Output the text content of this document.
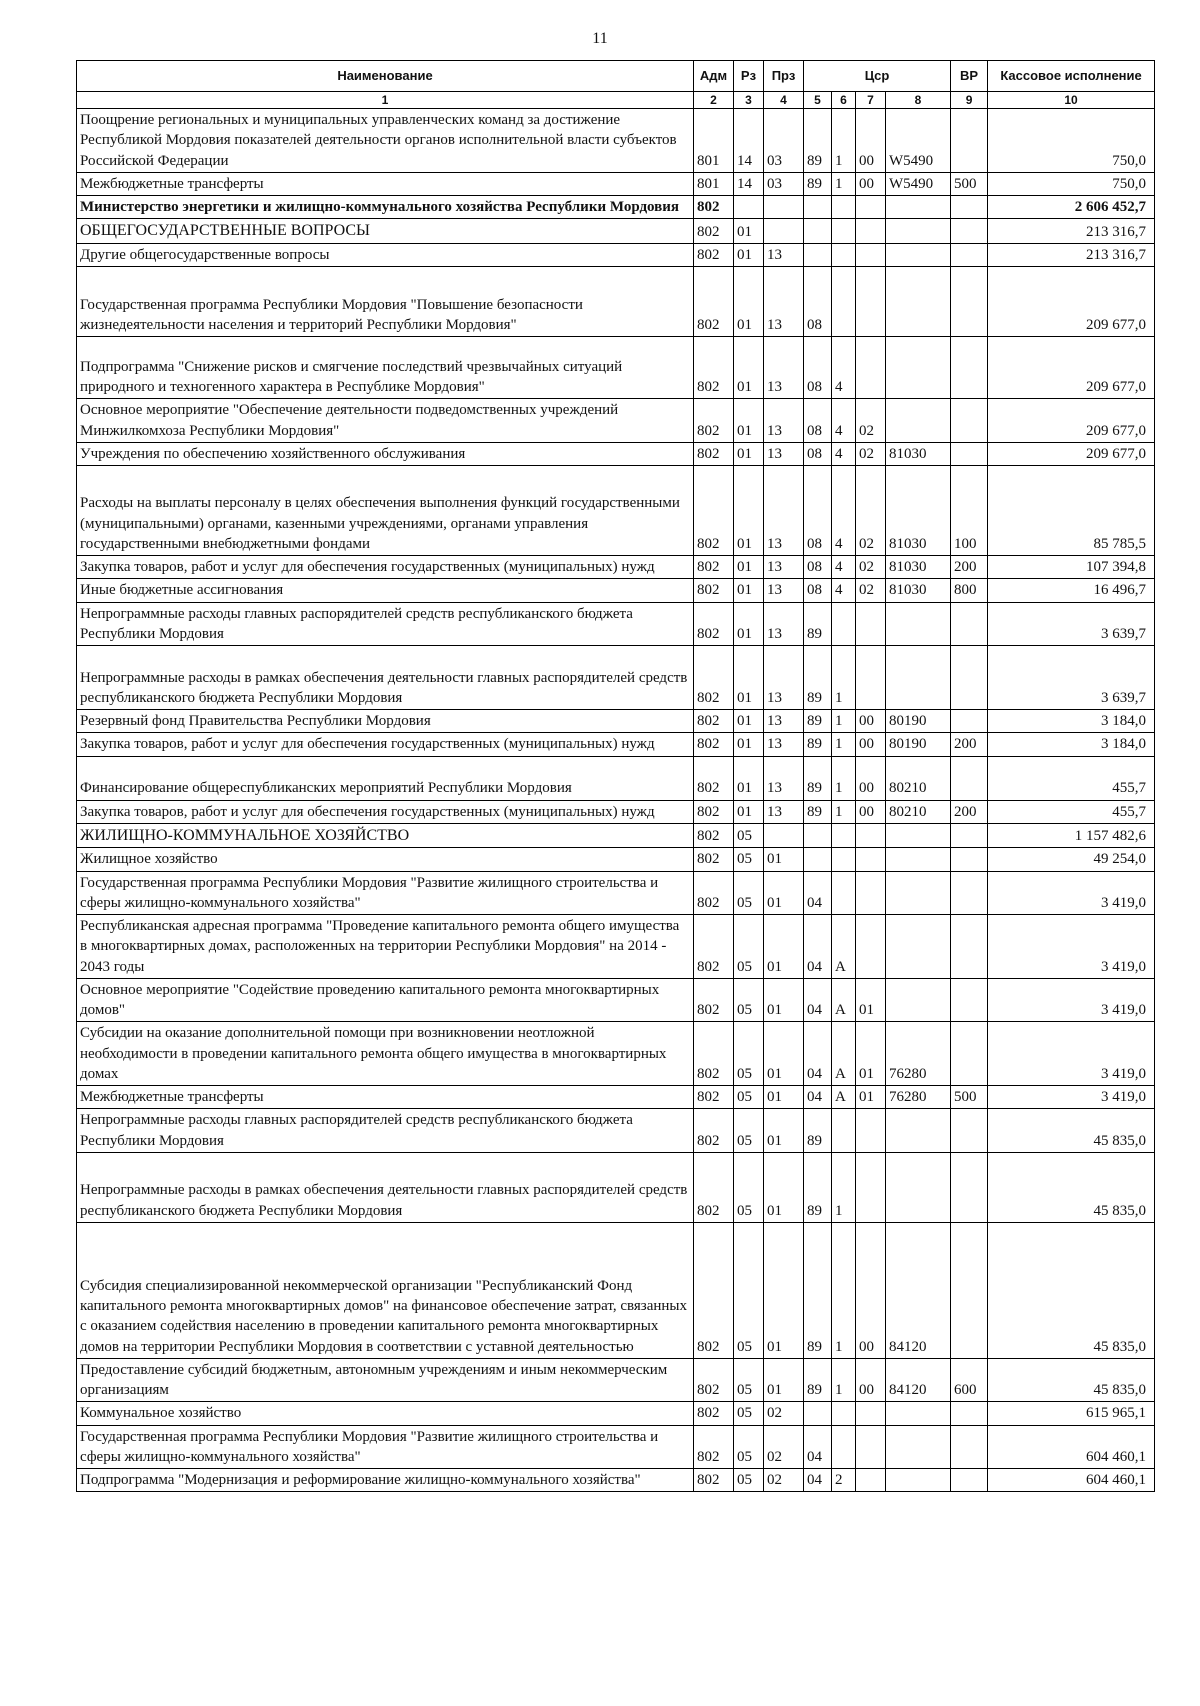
11
Наименование	Адм	Рз	Прз	Цср				ВР	Кассовое исполнение
1	2	3	4	5	6	7	8	9	10
Поощрение региональных и муниципальных управленческих команд за достижение Республикой Мордовия показателей деятельности органов исполнительной власти субъектов Российской Федерации	801	14	03	89	1	00	W5490		750,0
Межбюджетные трансферты	801	14	03	89	1	00	W5490	500	750,0
Министерство энергетики и жилищно-коммунального хозяйства Республики Мордовия	802								2 606 452,7
ОБЩЕГОСУДАРСТВЕННЫЕ ВОПРОСЫ	802	01							213 316,7
Другие общегосударственные вопросы	802	01	13						213 316,7
Государственная программа Республики Мордовия "Повышение безопасности жизнедеятельности населения и территорий Республики Мордовия"	802	01	13	08					209 677,0
Подпрограмма "Снижение рисков и смягчение последствий чрезвычайных ситуаций природного и техногенного характера в Республике Мордовия"	802	01	13	08	4				209 677,0
Основное мероприятие "Обеспечение деятельности подведомственных учреждений Минжилкомхоза Республики Мордовия"	802	01	13	08	4	02			209 677,0
Учреждения по обеспечению хозяйственного обслуживания	802	01	13	08	4	02	81030		209 677,0
Расходы на выплаты персоналу в целях обеспечения выполнения функций государственными (муниципальными) органами, казенными учреждениями, органами управления государственными внебюджетными фондами	802	01	13	08	4	02	81030	100	85 785,5
Закупка товаров, работ и услуг для обеспечения государственных (муниципальных) нужд	802	01	13	08	4	02	81030	200	107 394,8
Иные бюджетные ассигнования	802	01	13	08	4	02	81030	800	16 496,7
Непрограммные расходы главных распорядителей средств республиканского бюджета Республики Мордовия	802	01	13	89					3 639,7
Непрограммные расходы в рамках обеспечения деятельности главных распорядителей средств республиканского бюджета Республики Мордовия	802	01	13	89	1				3 639,7
Резервный фонд Правительства Республики Мордовия	802	01	13	89	1	00	80190		3 184,0
Закупка товаров, работ и услуг для обеспечения государственных (муниципальных) нужд	802	01	13	89	1	00	80190	200	3 184,0
Финансирование общереспубликанских мероприятий Республики Мордовия	802	01	13	89	1	00	80210		455,7
Закупка товаров, работ и услуг для обеспечения государственных (муниципальных) нужд	802	01	13	89	1	00	80210	200	455,7
ЖИЛИЩНО-КОММУНАЛЬНОЕ ХОЗЯЙСТВО	802	05							1 157 482,6
Жилищное хозяйство	802	05	01						49 254,0
Государственная программа Республики Мордовия "Развитие жилищного строительства и сферы жилищно-коммунального хозяйства"	802	05	01	04					3 419,0
Республиканская адресная программа "Проведение капитального ремонта общего имущества в многоквартирных домах, расположенных на территории Республики Мордовия" на 2014 - 2043 годы	802	05	01	04	А				3 419,0
Основное мероприятие "Содействие проведению капитального ремонта многоквартирных домов"	802	05	01	04	А	01			3 419,0
Субсидии на оказание дополнительной помощи при возникновении неотложной необходимости в проведении капитального ремонта общего имущества в многоквартирных домах	802	05	01	04	А	01	76280		3 419,0
Межбюджетные трансферты	802	05	01	04	А	01	76280	500	3 419,0
Непрограммные расходы главных распорядителей средств республиканского бюджета Республики Мордовия	802	05	01	89					45 835,0
Непрограммные расходы в рамках обеспечения деятельности главных распорядителей средств республиканского бюджета Республики Мордовия	802	05	01	89	1				45 835,0
Субсидия специализированной некоммерческой организации "Республиканский Фонд капитального ремонта многоквартирных домов" на финансовое обеспечение затрат, связанных с оказанием содействия населению в проведении капитального ремонта многоквартирных домов на территории Республики Мордовия в соответствии с уставной деятельностью	802	05	01	89	1	00	84120		45 835,0
Предоставление субсидий бюджетным, автономным учреждениям и иным некоммерческим организациям	802	05	01	89	1	00	84120	600	45 835,0
Коммунальное хозяйство	802	05	02						615 965,1
Государственная программа Республики Мордовия "Развитие жилищного строительства и сферы жилищно-коммунального хозяйства"	802	05	02	04					604 460,1
Подпрограмма "Модернизация и реформирование жилищно-коммунального хозяйства"	802	05	02	04	2				604 460,1
